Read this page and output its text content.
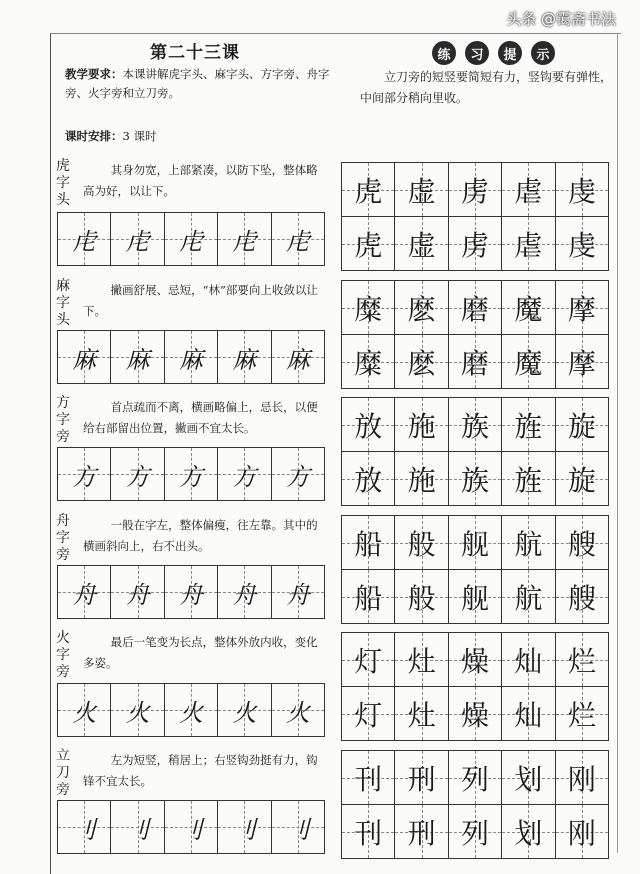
第二十三课
教学要求：本课讲解虎字头、麻字头、方字旁、舟字旁、火字旁和立刀旁。
课时安排：3 课时
练	习	提	示
立刀旁的短竖要简短有力，竖钩要有弹性，中间部分稍向里收。
虎字头
其身勿宽，上部紧凑，以防下坠，整体略高为好，以让下。
虍 虍 虍 虍 虍
虎 虚 虏 虐 虔
虎 虚 虏 虐 虔
麻字头
撇画舒展、忌短，“林”部要向上收敛以让下。
麻 麻 麻 麻 麻
糜 麽 磨 魔 摩
糜 麽 磨 魔 摩
方字旁
首点疏而不离，横画略偏上，忌长，以便给右部留出位置，撇画不宜太长。
方 方 方 方 方
放 施 族 旌 旋
放 施 族 旌 旋
舟字旁
一般在字左，整体偏瘦，往左靠。其中的横画斜向上，右不出头。
舟 舟 舟 舟 舟
船 般 舰 航 艘
船 般 舰 航 艘
火字旁
最后一笔变为长点，整体外放内收，变化多姿。
火 火 火 火 火
灯 灶 燥 灿 烂
灯 灶 燥 灿 烂
立刀旁
左为短竖，稍居上；右竖钩劲挺有力，钩锋不宜太长。
刂 刂 刂 刂 刂
刊 刑 列 划 刚
刊 刑 列 划 刚
头条 @霭斋书法
